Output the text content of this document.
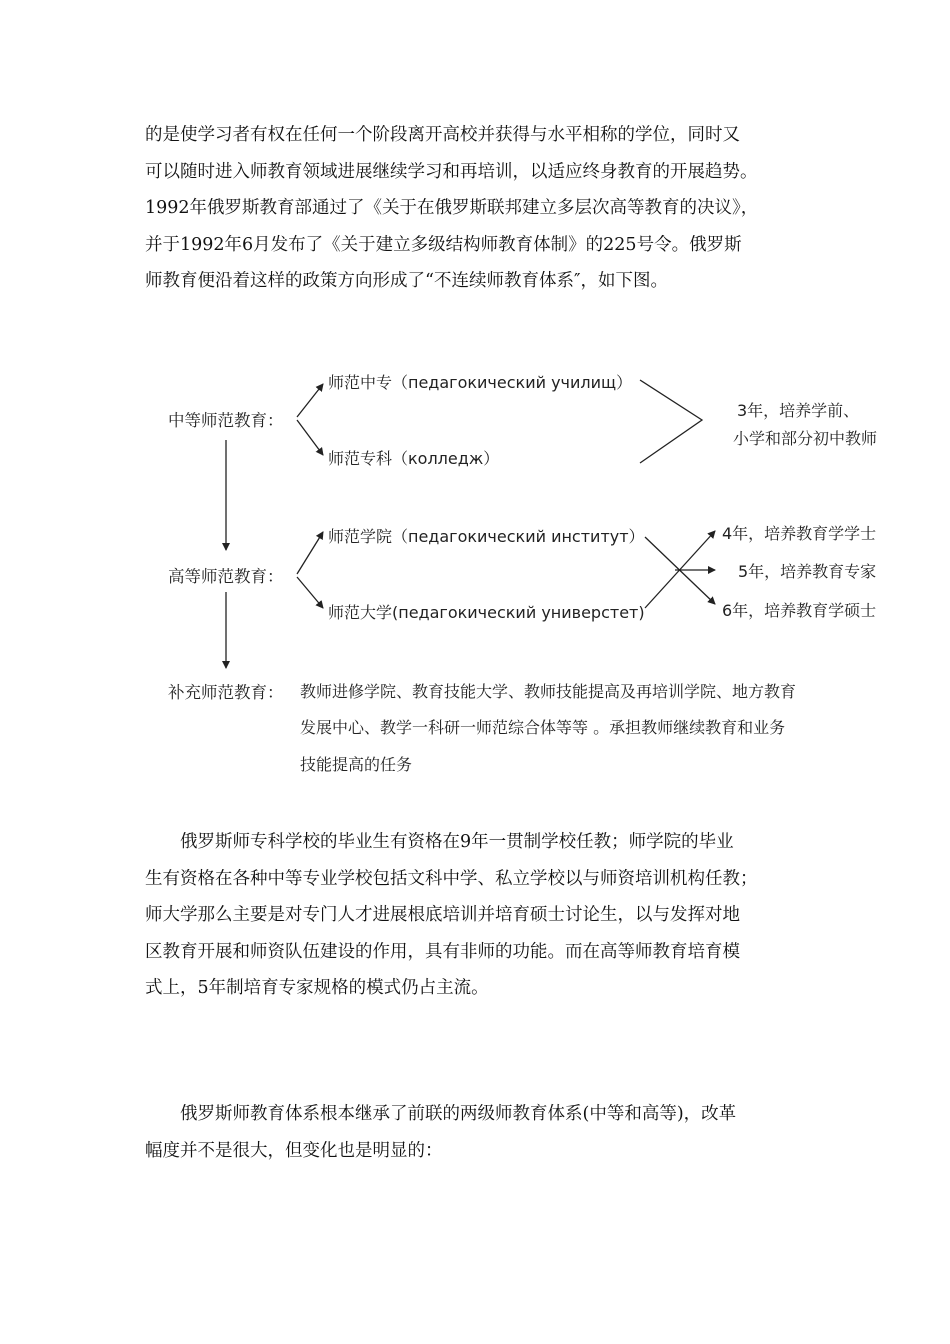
的是使学习者有权在任何一个阶段离开高校并获得与水平相称的学位，同时又
可以随时进入师教育领域进展继续学习和再培训，以适应终身教育的开展趋势。
1992年俄罗斯教育部通过了《关于在俄罗斯联邦建立多层次高等教育的决议》，
并于1992年6月发布了《关于建立多级结构师教育体制》的225号令。俄罗斯
师教育便沿着这样的政策方向形成了“不连续师教育体系″，如下图。
中等师范教育：
师范中专（педагокический училищ）
师范专科（колледж）
3年，培养学前、
小学和部分初中教师
高等师范教育：
师范学院（педагокический институт）
师范大学(педагокический универстет)
4年，培养教育学学士
5年，培养教育专家
6年，培养教育学硕士
补充师范教育： 教师进修学院、教育技能大学、教师技能提高及再培训学院、地方教育
发展中心、教学一科研一师范综合体等等 。承担教师继续教育和业务
技能提高的任务
俄罗斯师专科学校的毕业生有资格在9年一贯制学校任教；师学院的毕业
生有资格在各种中等专业学校包括文科中学、私立学校以与师资培训机构任教；
师大学那么主要是对专门人才进展根底培训并培育硕士讨论生，以与发挥对地
区教育开展和师资队伍建设的作用，具有非师的功能。而在高等师教育培育模
式上，5年制培育专家规格的模式仍占主流。
俄罗斯师教育体系根本继承了前联的两级师教育体系(中等和高等)，改革
幅度并不是很大，但变化也是明显的：
